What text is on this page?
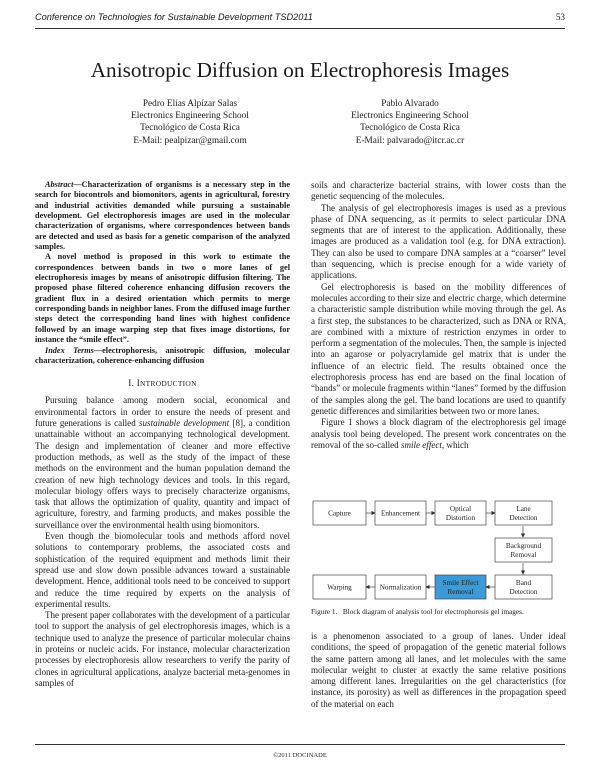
Conference on Technologies for Sustainable Development TSD2011	53
Anisotropic Diffusion on Electrophoresis Images
Pedro Elías Alpízar Salas
Electronics Engineering School
Tecnológico de Costa Rica
E-Mail: pealpizar@gmail.com
Pablo Alvarado
Electronics Engineering School
Tecnológico de Costa Rica
E-Mail: palvarado@itcr.ac.cr

Abstract—Characterization of organisms is a necessary step in the search for biocontrols and biomonitors, agents in agricultural, forestry and industrial activities demanded while pursuing a sustainable development. Gel electrophoresis images are used in the molecular characterization of organisms, where correspondences between bands are detected and used as basis for a genetic comparison of the analyzed samples.

A novel method is proposed in this work to estimate the correspondences between bands in two o more lanes of gel electrophoresis images by means of anisotropic diffusion filtering. The proposed phase filtered coherence enhancing diffusion recovers the gradient flux in a desired orientation which permits to merge corresponding bands in neighbor lanes. From the diffused image further steps detect the corresponding band lines with highest confidence followed by an image warping step that fixes image distortions, for instance the “smile effect”.

Index Terms—electrophoresis, anisotropic diffusion, molecular characterization, coherence-enhancing diffusion

I. INTRODUCTION

Pursuing balance among modern social, economical and environmental factors in order to ensure the needs of present and future generations is called sustainable development [8], a condition unattainable without an accompanying technological development. The design and implementation of cleaner and more effective production methods, as well as the study of the impact of these methods on the environment and the human population demand the creation of new high technology devices and tools. In this regard, molecular biology offers ways to precisely characterize organisms, task that allows the optimization of quality, quantity and impact of agriculture, forestry, and farming products, and makes possible the surveillance over the environmental health using biomonitors.

Even though the biomolecular tools and methods afford novel solutions to contemporary problems, the associated costs and sophistication of the required equipment and methods limit their spread use and slow down possible advances toward a sustainable development. Hence, additional tools need to be conceived to support and reduce the time required by experts on the analysis of experimental results.

The present paper collaborates with the development of a particular tool to support the analysis of gel electrophoresis images, which is a technique used to analyze the presence of particular molecular chains in proteins or nucleic acids. For instance, molecular characterization processes by electrophoresis allow researchers to verify the parity of clones in agricultural applications, analyze bacterial meta-genomes in samples of

soils and characterize bacterial strains, with lower costs than the genetic sequencing of the molecules.

The analysis of gel electrophoresis images is used as a previous phase of DNA sequencing, as it permits to select particular DNA segments that are of interest to the application. Additionally, these images are produced as a validation tool (e.g. for DNA extraction). They can also be used to compare DNA samples at a “coarser” level than sequencing, which is precise enough for a wide variety of applications.

Gel electrophoresis is based on the mobility differences of molecules according to their size and electric charge, which determine a characteristic sample distribution while moving through the gel. As a first step, the substances to be characterized, such as DNA or RNA, are combined with a mixture of restriction enzymes in order to perform a segmentation of the molecules. Then, the sample is injected into an agarose or polyacrylamide gel matrix that is under the influence of an electric field. The results obtained once the electrophoresis process has end are based on the final location of “bands” or molecule fragments within “lanes” formed by the diffusion of the samples along the gel. The band locations are used to quantify genetic differences and similarities between two or more lanes.

Figure 1 shows a block diagram of the electrophoresis gel image analysis tool being developed. The present work concentrates on the removal of the so-called smile effect, which

Capture	Enhancement
Optical
Distortion
Lane
Detection
Background
Removal
Band
Detection
Smile Effect
Removal
Normalization
Warping
Figure 1. Block diagram of analysis tool for electrophoresis gel images.

is a phenomenon associated to a group of lanes. Under ideal conditions, the speed of propagation of the genetic material follows the same pattern among all lanes, and let molecules with the same molecular weight to cluster at exactly the same relative positions among different lanes. Irregularities on the gel characteristics (for instance, its porosity) as well as differences in the propagation speed of the material on each

©2011 DOCINADE
